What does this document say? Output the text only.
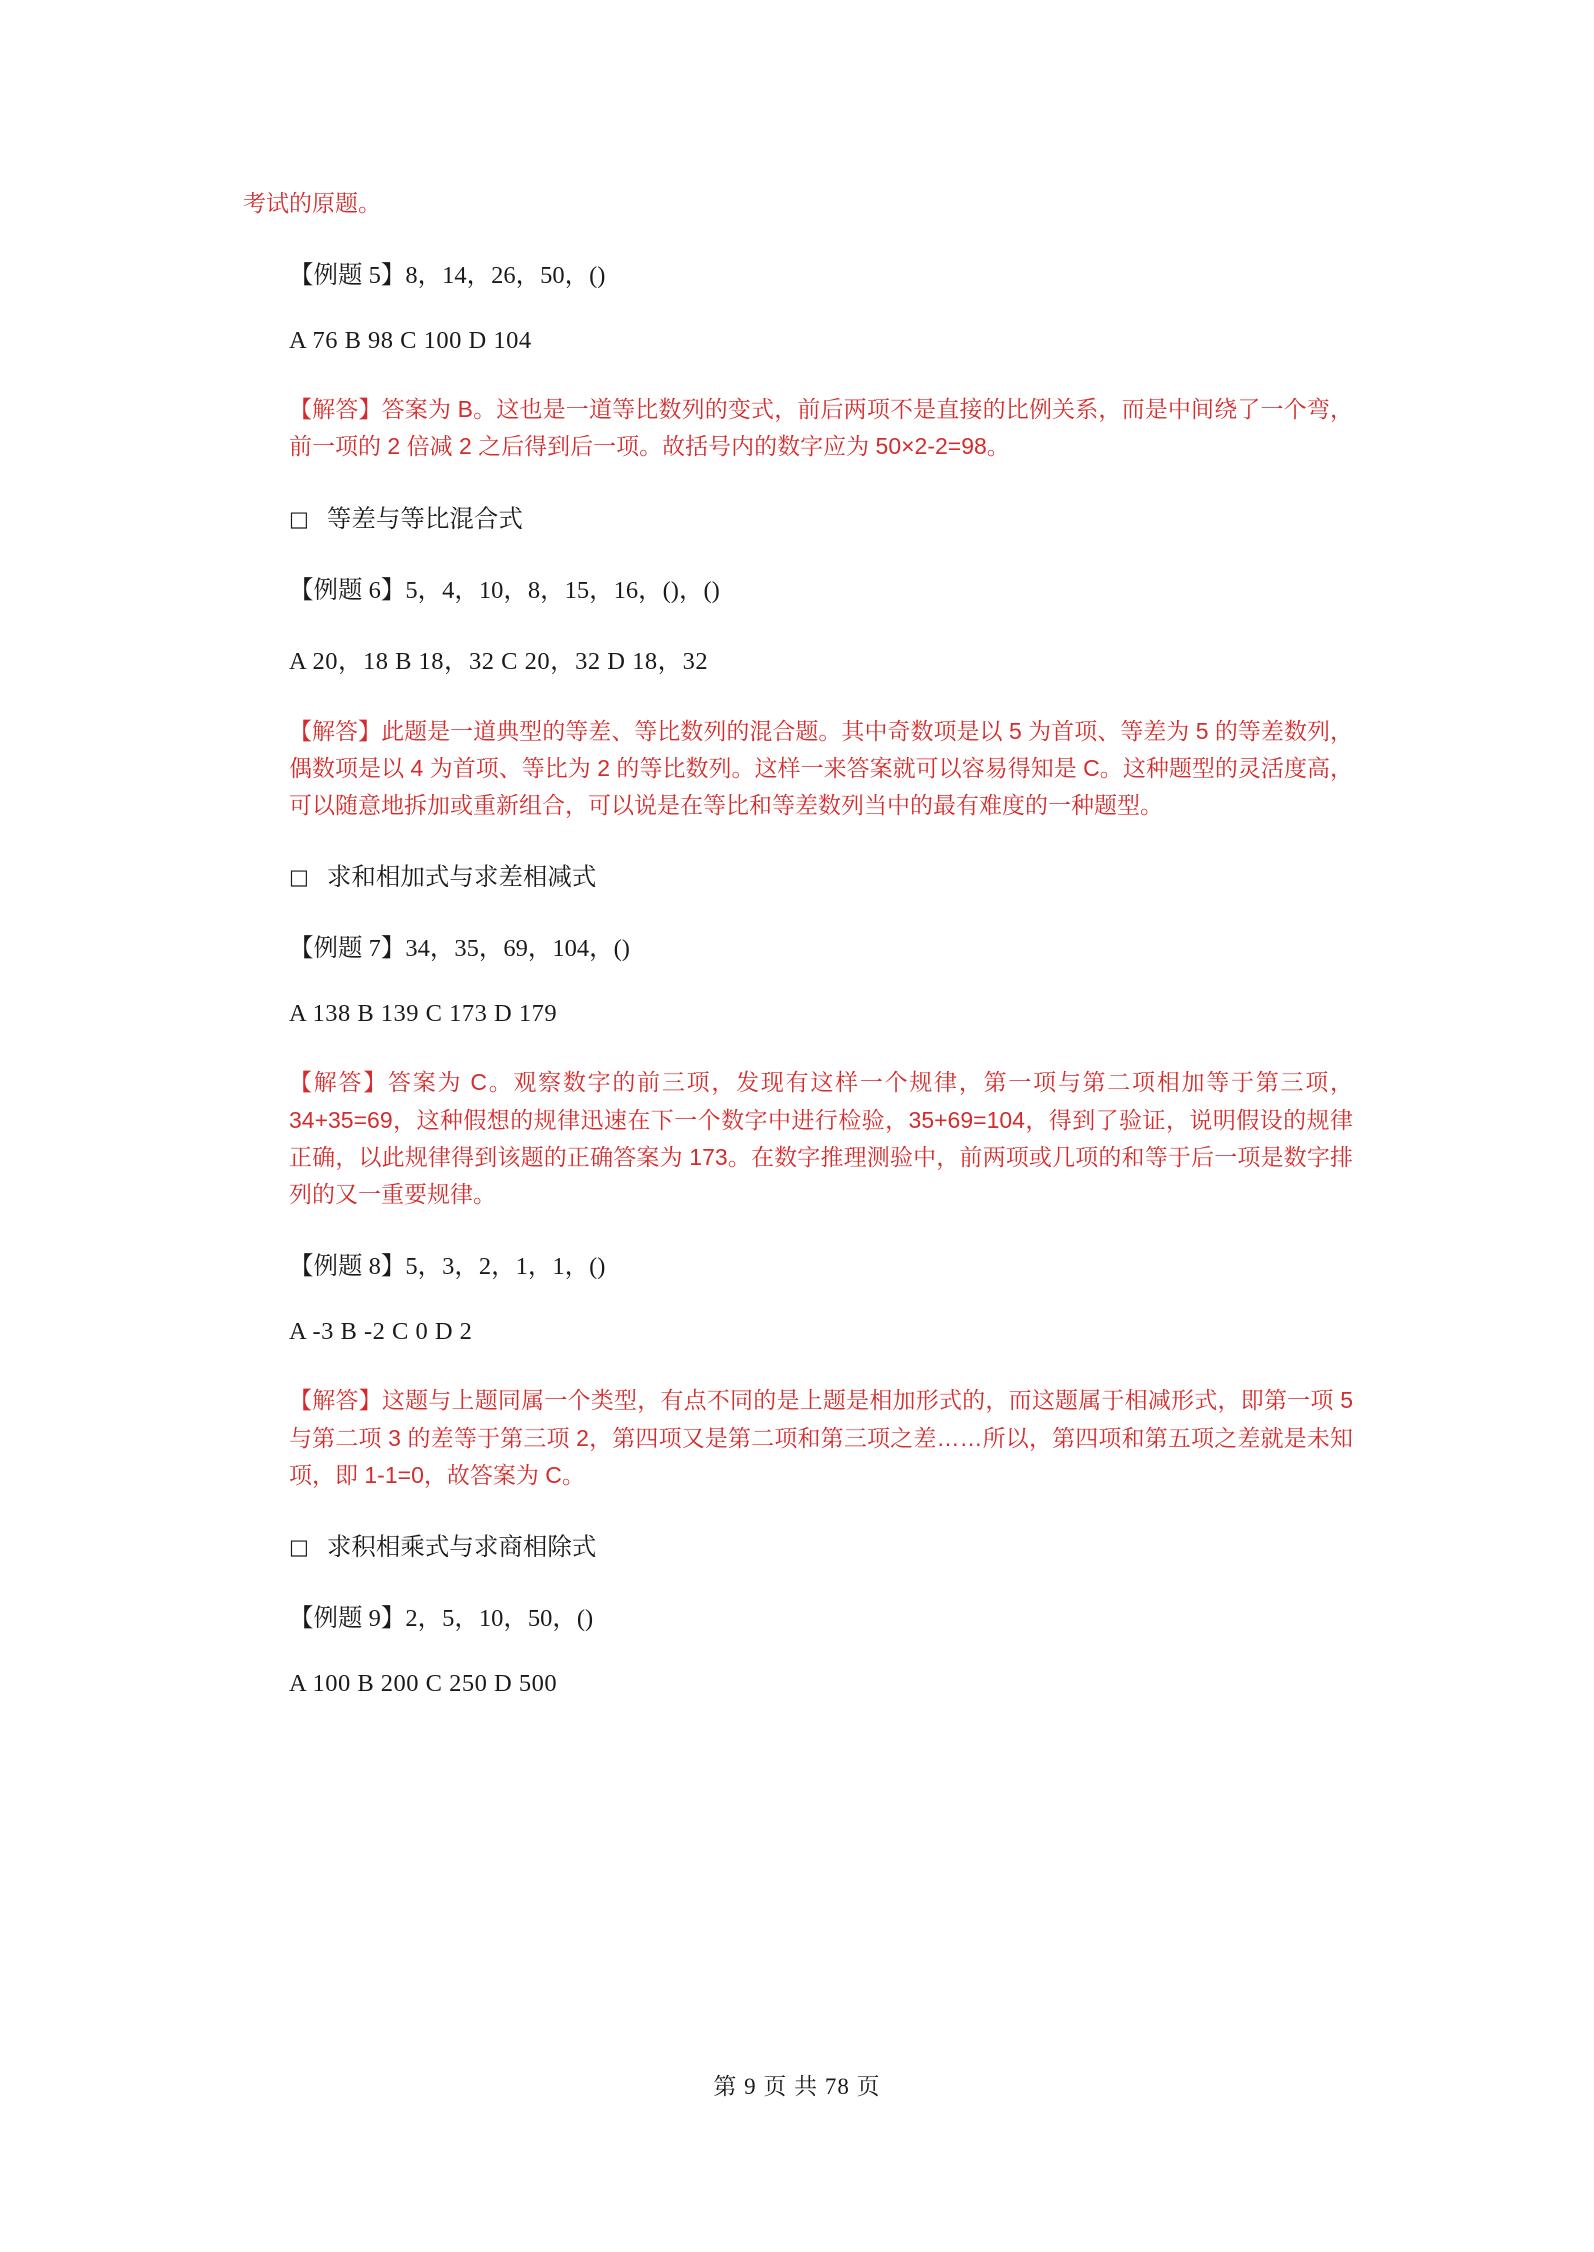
考试的原题。

【例题 5】8，14，26，50，()

A 76 B 98 C 100 D 104

【解答】答案为 B。这也是一道等比数列的变式，前后两项不是直接的比例关系，而是中间绕了一个弯，前一项的 2 倍减 2 之后得到后一项。故括号内的数字应为 50×2-2=98。

□ 等差与等比混合式

【例题 6】5，4，10，8，15，16，()，()

A 20，18 B 18，32 C 20，32 D 18，32

【解答】此题是一道典型的等差、等比数列的混合题。其中奇数项是以 5 为首项、等差为 5 的等差数列，偶数项是以 4 为首项、等比为 2 的等比数列。这样一来答案就可以容易得知是 C。这种题型的灵活度高，可以随意地拆加或重新组合，可以说是在等比和等差数列当中的最有难度的一种题型。

□ 求和相加式与求差相减式

【例题 7】34，35，69，104，()

A 138 B 139 C 173 D 179

【解答】答案为 C。观察数字的前三项，发现有这样一个规律，第一项与第二项相加等于第三项，34+35=69，这种假想的规律迅速在下一个数字中进行检验，35+69=104，得到了验证，说明假设的规律正确，以此规律得到该题的正确答案为 173。在数字推理测验中，前两项或几项的和等于后一项是数字排列的又一重要规律。

【例题 8】5，3，2，1，1，()

A -3 B -2 C 0 D 2

【解答】这题与上题同属一个类型，有点不同的是上题是相加形式的，而这题属于相减形式，即第一项 5 与第二项 3 的差等于第三项 2，第四项又是第二项和第三项之差……所以，第四项和第五项之差就是未知项，即 1-1=0，故答案为 C。

□ 求积相乘式与求商相除式

【例题 9】2，5，10，50，()

A 100 B 200 C 250 D 500

第 9 页 共 78 页
